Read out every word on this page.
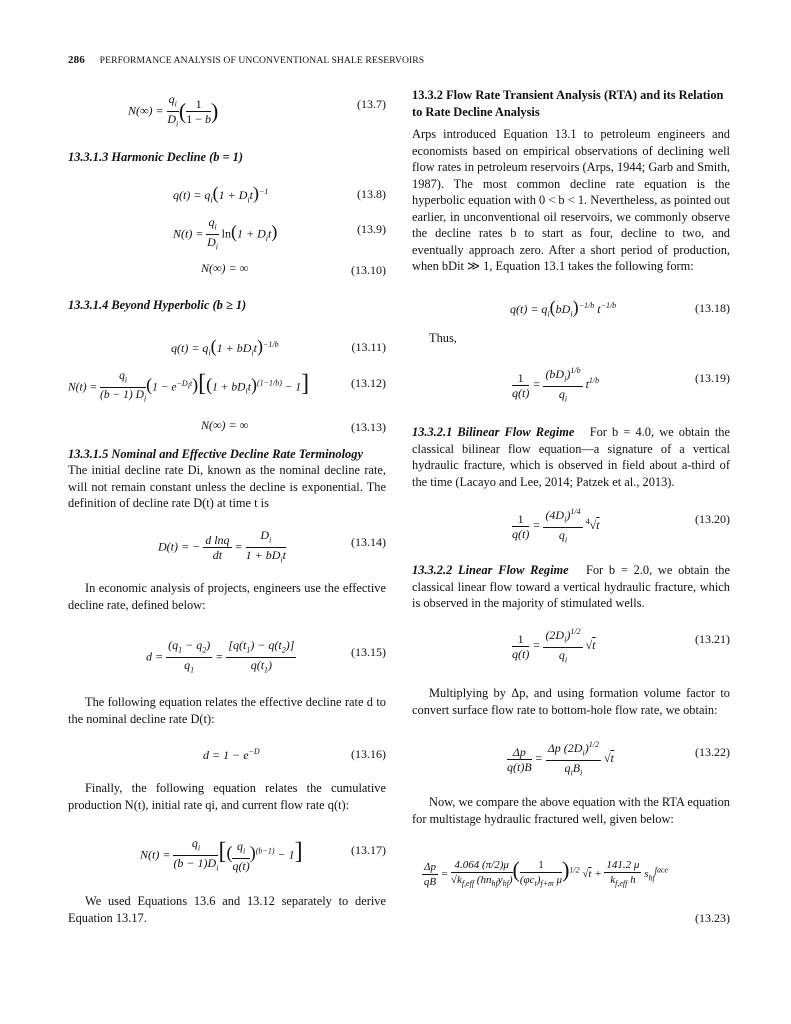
286 PERFORMANCE ANALYSIS OF UNCONVENTIONAL SHALE RESERVOIRS
$N(\infty) = \frac{q_i}{D_i}$ ( $\frac{1}{1 - b}$ )	(13.7)
13.3.1.3 Harmonic Decline (b = 1)
$q(t) = q_i(1 + D_it)^{-1}$	(13.8)
$N(t) = \frac{q_i}{D_i} \ln(1 + D_it)$	(13.9)
N(∞) = ∞	(13.10)
13.3.1.4 Beyond Hyperbolic (b ≥ 1)
$q(t) = q_i(1 + bD_it)^{-1/b}$	(13.11)
$N(t) = \frac{q_i}{(b - 1) D_i} (1 - e^{-D_it})[(1 + bD_it)^{(1-1/b)} - 1]$	(13.12)
N(∞) = ∞	(13.13)
13.3.1.5 Nominal and Effective Decline Rate Terminology

The initial decline rate Di, known as the nominal decline rate, will not remain constant unless the decline is exponential. The definition of decline rate D(t) at time t is

D(t) = − $\frac{\text{d lnq}}{dt} = \frac{D_i}{1 + bD_it}$	(13.14)

In economic analysis of projects, engineers use the effective decline rate, defined below:

$d = \frac{(q_1 - q_2)}{q_1} = \frac{[q(t_1) - q(t_2)]}{q(t_1)}$	(13.15)

The following equation relates the effective decline rate d to the nominal decline rate D(t):

$d = 1 - e^{-D}$	(13.16)

Finally, the following equation relates the cumulative production N(t), initial rate qi, and current flow rate q(t):

$N(t) = \frac{q_i}{(b - 1)D_i}$ [( $\frac{q_i}{q(t)} )^{(b-1)} - 1$]	(13.17)

We used Equations 13.6 and 13.12 separately to derive Equation 13.17.

13.3.2 Flow Rate Transient Analysis (RTA) and its Relation to Rate Decline Analysis

Arps introduced Equation 13.1 to petroleum engineers and economists based on empirical observations of declining well flow rates in petroleum reservoirs (Arps, 1944; Garb and Smith, 1987). The most common decline rate equation is the hyperbolic equation with 0 < b < 1. Nevertheless, as pointed out earlier, in unconventional oil reservoirs, we commonly observe the decline rates b to start as four, decline to two, and eventually approach zero. After a short period of production, when bDit ≫ 1, Equation 13.1 takes the following form:

$q(t) = q_i(bD_i)^{-1/b}$ $t^{-1/b}$	(13.18)
Thus,
$\frac{1}{q(t)} = \frac{(bD_i)^{1/b}}{q_i} t^{1/b}$	(13.19)

13.3.2.1 Bilinear Flow Regime For b = 4.0, we obtain the classical bilinear flow equation—a signature of a vertical hydraulic fracture, which is observed in field about a-third of the time (Lacayo and Lee, 2014; Patzek et al., 2013).

$\frac{1}{q(t)} = \frac{(4D_i)^{1/4}}{q_i} ^4√t$	(13.20)

13.3.2.2 Linear Flow Regime For b = 2.0, we obtain the classical linear flow toward a vertical hydraulic fracture, which is observed in the majority of stimulated wells.

$\frac{1}{q(t)} = \frac{(2D_i)^{1/2}}{q_i} √t$	(13.21)

Multiplying by Δp, and using formation volume factor to convert surface flow rate to bottom-hole flow rate, we obtain:

$\frac{\Delta p}{q(t)B} = \frac{\Delta p (2D_i)^{1/2}}{q_iB_i} √t$	(13.22)

Now, we compare the above equation with the RTA equation for multistage hydraulic fractured well, given below:

$\frac{\Delta p}{qB} = \frac{4.064 (\pi/2)\mu}{√k_{f,eff} (hn_{hf}y_{hf})}$ ( $\frac{1}{(\varphi c_t)_{f+m} \mu} )^{1/2}$ $√t + \frac{141.2 \mu}{k_{f,eff} h} s_{hf}^{face}$
(13.23)
